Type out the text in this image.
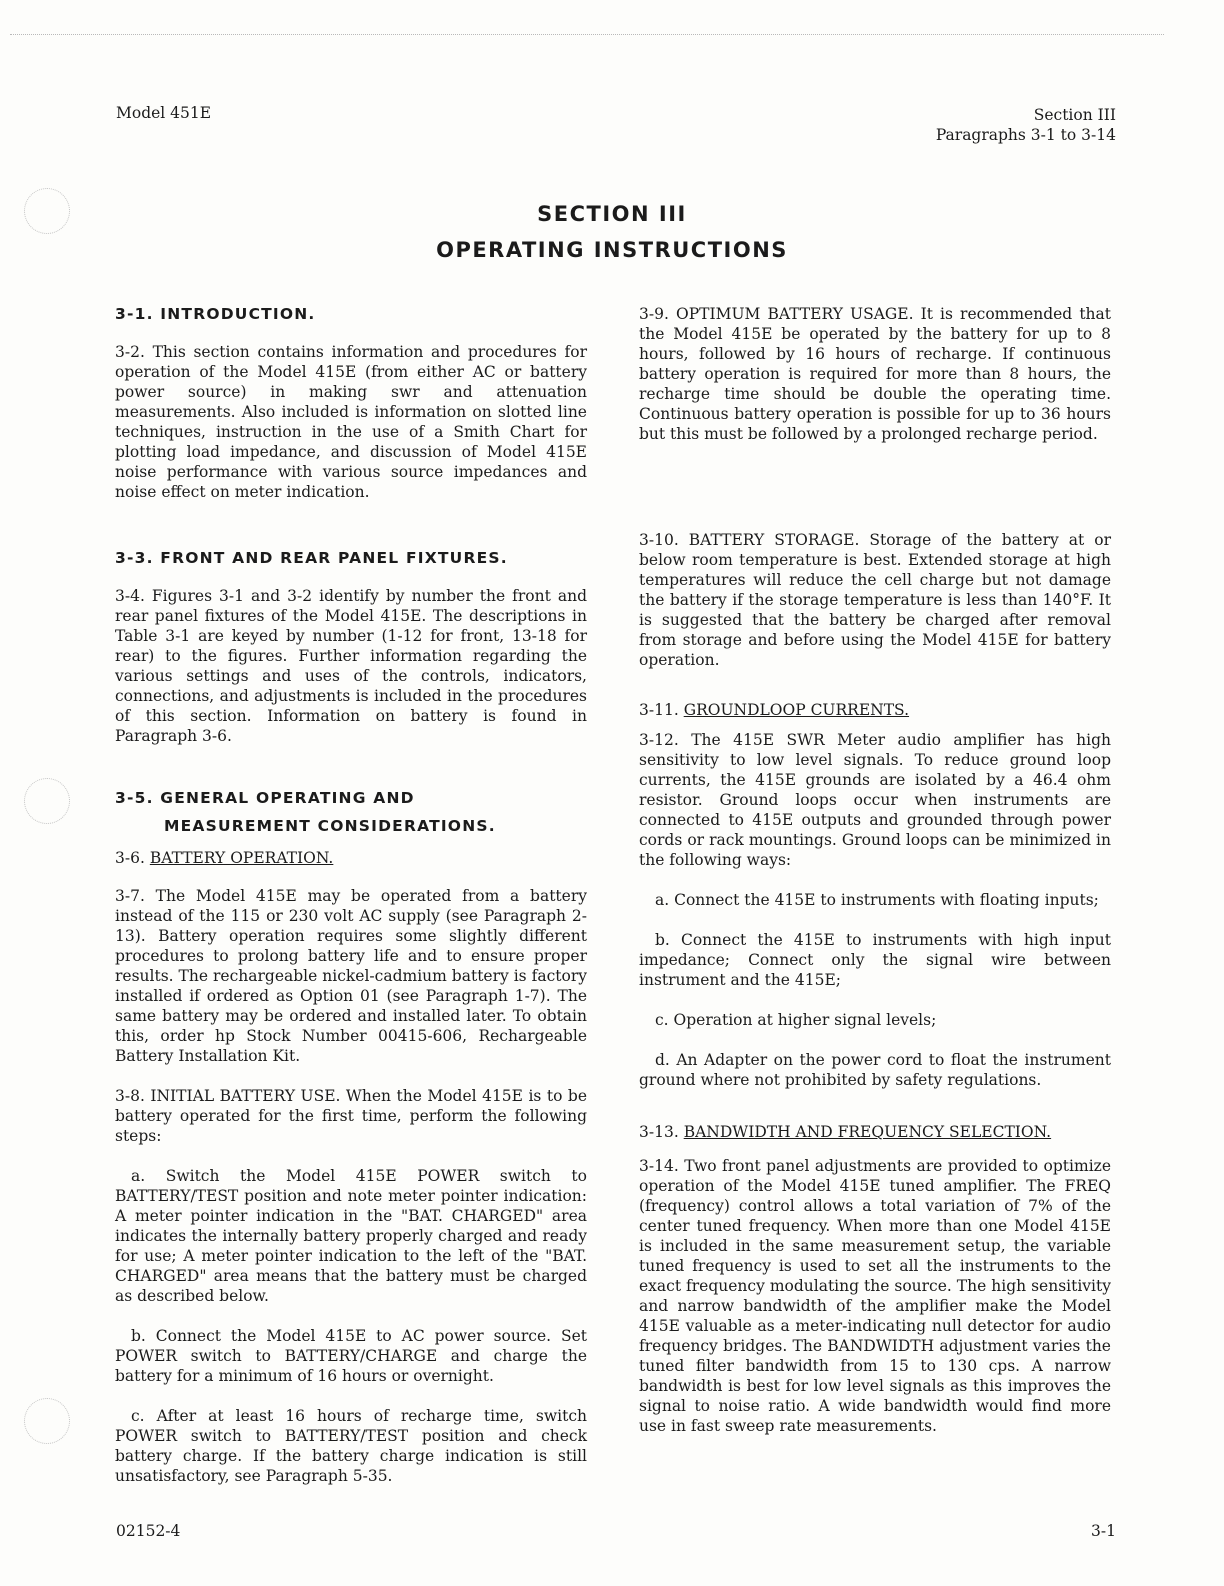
Model 451E	Section III
Paragraphs 3-1 to 3-14
SECTION III
OPERATING INSTRUCTIONS
3-1. INTRODUCTION.

3-2. This section contains information and procedures for operation of the Model 415E (from either AC or battery power source) in making swr and attenuation measurements. Also included is information on slotted line techniques, instruction in the use of a Smith Chart for plotting load impedance, and discussion of Model 415E noise performance with various source impedances and noise effect on meter indication.

3-3. FRONT AND REAR PANEL FIXTURES.

3-4. Figures 3-1 and 3-2 identify by number the front and rear panel fixtures of the Model 415E. The descriptions in Table 3-1 are keyed by number (1-12 for front, 13-18 for rear) to the figures. Further information regarding the various settings and uses of the controls, indicators, connections, and adjustments is included in the procedures of this section. Information on battery is found in Paragraph 3-6.

3-5. GENERAL OPERATING AND
MEASUREMENT CONSIDERATIONS.
3-6. BATTERY OPERATION.

3-7. The Model 415E may be operated from a battery instead of the 115 or 230 volt AC supply (see Paragraph 2-13). Battery operation requires some slightly different procedures to prolong battery life and to ensure proper results. The rechargeable nickel-cadmium battery is factory installed if ordered as Option 01 (see Paragraph 1-7). The same battery may be ordered and installed later. To obtain this, order hp Stock Number 00415-606, Rechargeable Battery Installation Kit.

3-8. INITIAL BATTERY USE. When the Model 415E is to be battery operated for the first time, perform the following steps:

a. Switch the Model 415E POWER switch to BATTERY/TEST position and note meter pointer indication: A meter pointer indication in the "BAT. CHARGED" area indicates the internally battery properly charged and ready for use; A meter pointer indication to the left of the "BAT. CHARGED" area means that the battery must be charged as described below.

b. Connect the Model 415E to AC power source. Set POWER switch to BATTERY/CHARGE and charge the battery for a minimum of 16 hours or overnight.

c. After at least 16 hours of recharge time, switch POWER switch to BATTERY/TEST position and check battery charge. If the battery charge indication is still unsatisfactory, see Paragraph 5-35.

3-9. OPTIMUM BATTERY USAGE. It is recommended that the Model 415E be operated by the battery for up to 8 hours, followed by 16 hours of recharge. If continuous battery operation is required for more than 8 hours, the recharge time should be double the operating time. Continuous battery operation is possible for up to 36 hours but this must be followed by a prolonged recharge period.

3-10. BATTERY STORAGE. Storage of the battery at or below room temperature is best. Extended storage at high temperatures will reduce the cell charge but not damage the battery if the storage temperature is less than 140°F. It is suggested that the battery be charged after removal from storage and before using the Model 415E for battery operation.

3-11. GROUNDLOOP CURRENTS.

3-12. The 415E SWR Meter audio amplifier has high sensitivity to low level signals. To reduce ground loop currents, the 415E grounds are isolated by a 46.4 ohm resistor. Ground loops occur when instruments are connected to 415E outputs and grounded through power cords or rack mountings. Ground loops can be minimized in the following ways:

a. Connect the 415E to instruments with floating inputs;

b. Connect the 415E to instruments with high input impedance; Connect only the signal wire between instrument and the 415E;

c. Operation at higher signal levels;

d. An Adapter on the power cord to float the instrument ground where not prohibited by safety regulations.

3-13. BANDWIDTH AND FREQUENCY SELECTION.

3-14. Two front panel adjustments are provided to optimize operation of the Model 415E tuned amplifier. The FREQ (frequency) control allows a total variation of 7% of the center tuned frequency. When more than one Model 415E is included in the same measurement setup, the variable tuned frequency is used to set all the instruments to the exact frequency modulating the source. The high sensitivity and narrow bandwidth of the amplifier make the Model 415E valuable as a meter-indicating null detector for audio frequency bridges. The BANDWIDTH adjustment varies the tuned filter bandwidth from 15 to 130 cps. A narrow bandwidth is best for low level signals as this improves the signal to noise ratio. A wide bandwidth would find more use in fast sweep rate measurements.

02152-4	3-1
